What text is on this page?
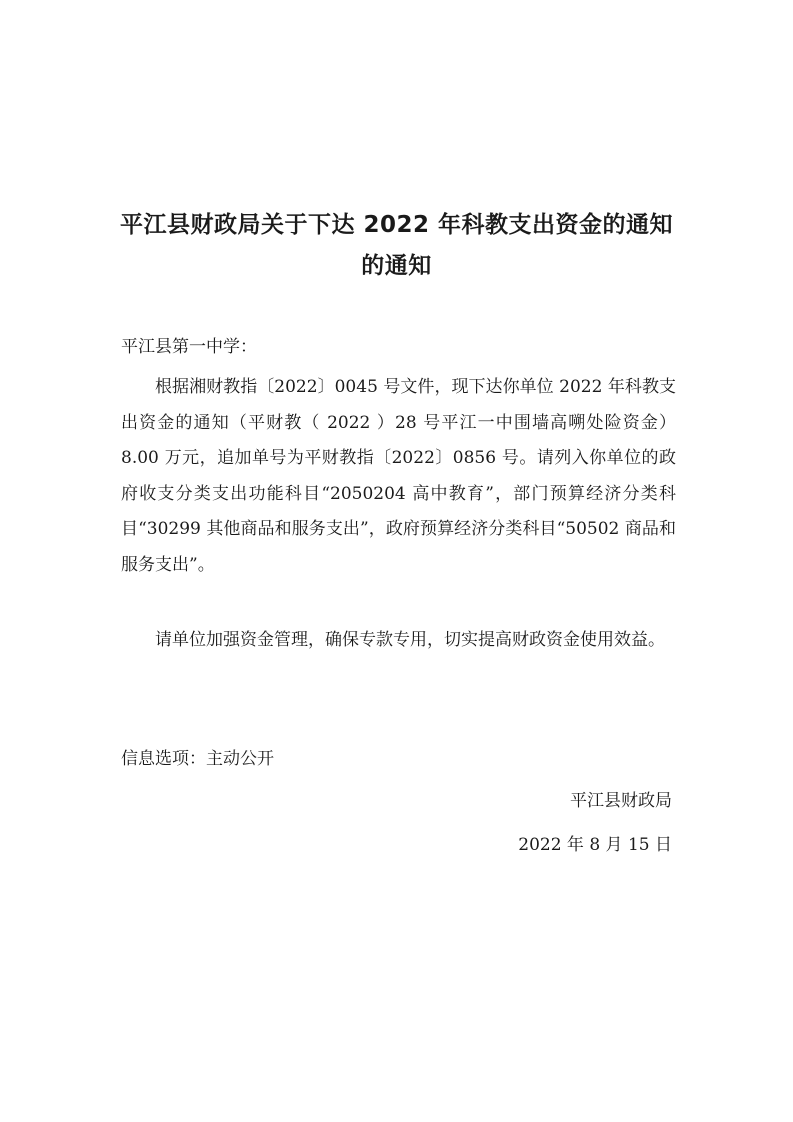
平江县财政局关于下达 2022 年科教支出资金的通知
的通知

平江县第一中学：

根据湘财教指〔2022〕0045 号文件，现下达你单位 2022 年科教支出资金的通知（平财教（ 2022 ）28 号平江一中围墙高嗍处险资金）8.00 万元，追加单号为平财教指〔2022〕0856 号。请列入你单位的政府收支分类支出功能科目“2050204 高中教育”，部门预算经济分类科目“30299 其他商品和服务支出”，政府预算经济分类科目“50502 商品和服务支出”。

请单位加强资金管理，确保专款专用，切实提高财政资金使用效益。

信息选项：主动公开

平江县财政局

2022 年 8 月 15 日
